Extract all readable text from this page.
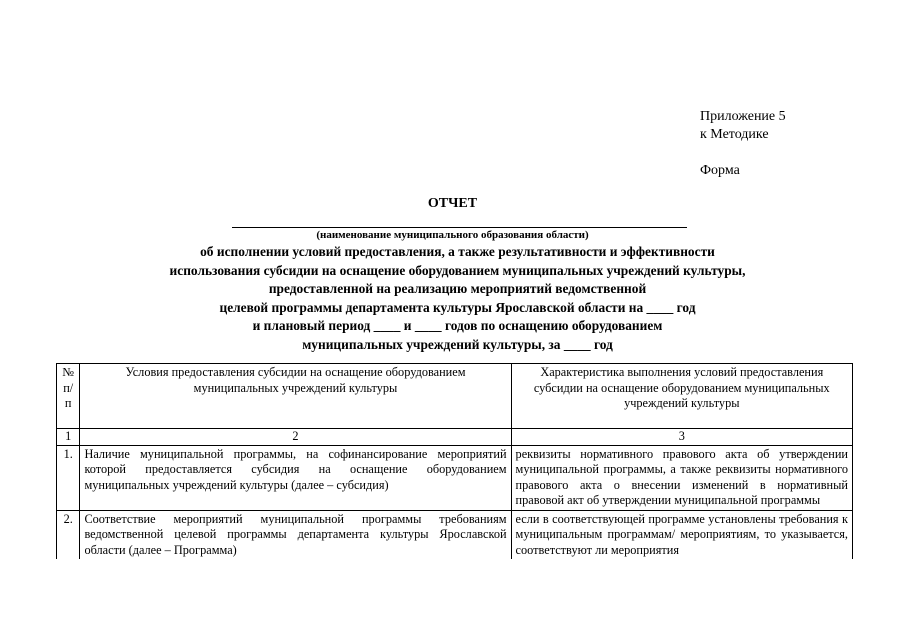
Приложение 5
к Методике
Форма
ОТЧЕТ
(наименование муниципального образования области)
об исполнении условий предоставления, а также результативности и эффективности
использования субсидии на оснащение оборудованием муниципальных учреждений культуры,
предоставленной на реализацию мероприятий ведомственной
целевой программы департамента культуры Ярославской области на ____ год
и плановый период ____ и ____ годов по оснащению оборудованием
муниципальных учреждений культуры, за ____ год
№ п/п	Условия предоставления субсидии на оснащение оборудованием муниципальных учреждений культуры	Характеристика выполнения условий предоставления субсидии на оснащение оборудованием муниципальных учреждений культуры
1	2	3
1.	Наличие муниципальной программы, на софинансирование мероприятий которой предоставляется субсидия на оснащение оборудованием муниципальных учреждений культуры (далее – субсидия)	реквизиты нормативного правового акта об утверждении муниципальной программы, а также реквизиты нормативного правового акта о внесении изменений в нормативный правовой акт об утверждении муниципальной программы
2.	Соответствие мероприятий муниципальной программы требованиям ведомственной целевой программы департамента культуры Ярославской области (далее – Программа)	если в соответствующей программе установлены требования к муниципальным программам/ мероприятиям, то указывается, соответствуют ли мероприятия
